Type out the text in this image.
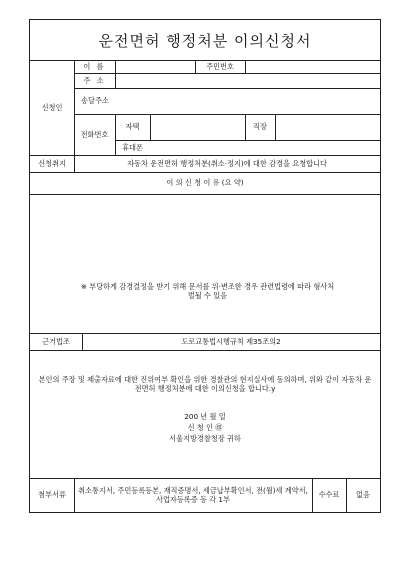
운전면허 행정처분 이의신청서
신청인
이 름	주민번호
주 소
송달주소
전화번호
자택	직장
휴대폰
신청취지	자동차 운전면허 행정처분(취소·정지)에 대한 감경을 요청합니다
이 의 신 청 이 유 (요 약)
※ 부당하게 감경결정을 받기 위해 문서를 위·변조한 경우 관련법령에 따라 형사처벌될 수 있음
근거법조	도로교통법시행규칙 제35조의2
본인의 주장 및 제출자료에 대한 진위여부 확인을 위한 경찰관의 현지실사에 동의하며, 위와 같이 자동차 운전면허 행정처분에 대한 이의신청을 합니다.y
200 년 월 일
신 청 인 ㊞
서울지방경찰청장 귀하
첨부서류
취소통지서, 주민등록등본, 재직증명서, 세금납부확인서, 전(월)세 계약서, 사업자등록증 등 각 1부
수수료	없음
